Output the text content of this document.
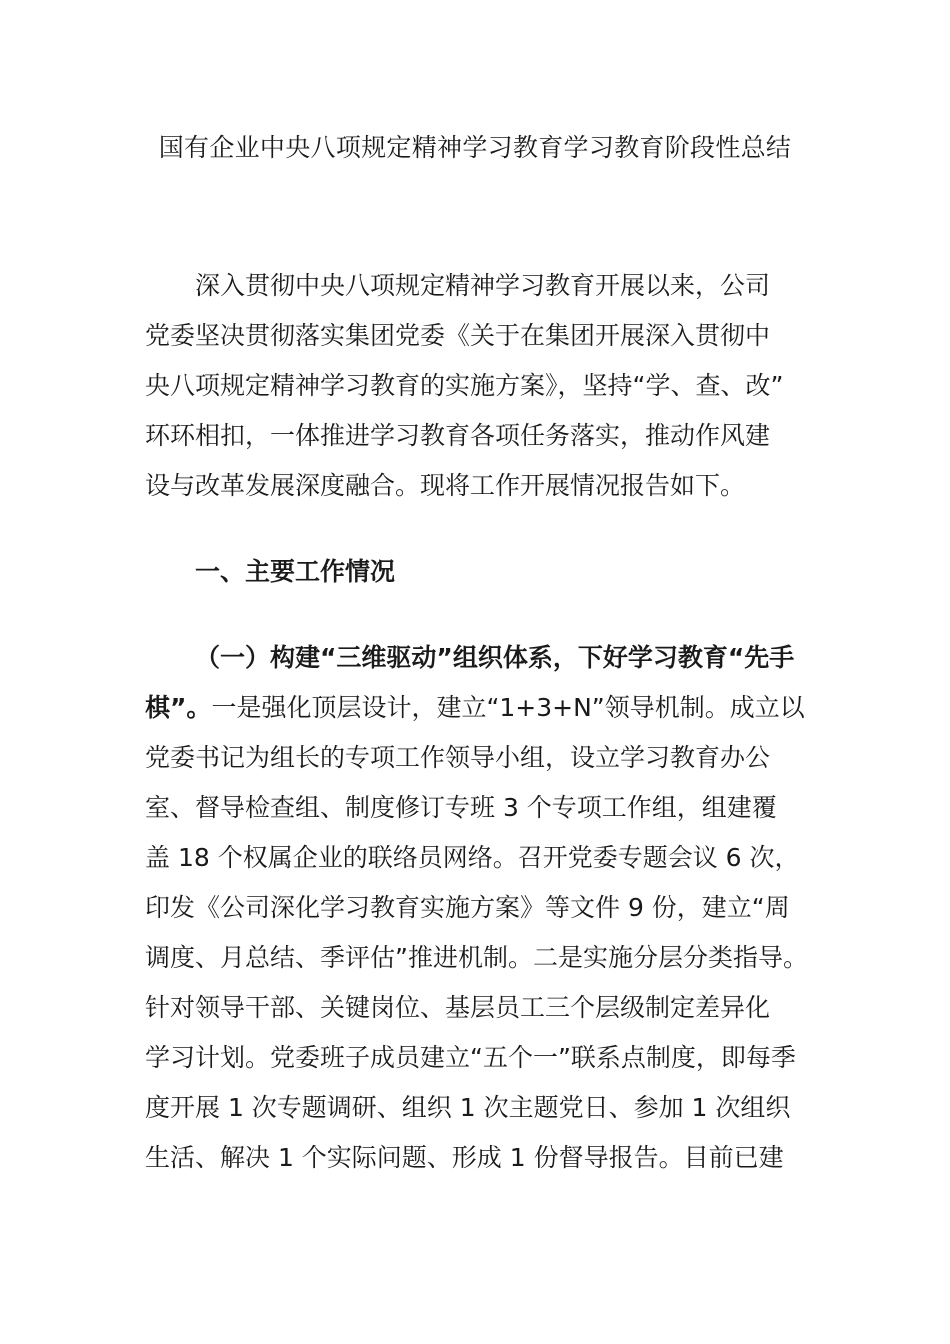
国有企业中央八项规定精神学习教育学习教育阶段性总结
深入贯彻中央八项规定精神学习教育开展以来，公司
党委坚决贯彻落实集团党委《关于在集团开展深入贯彻中
央八项规定精神学习教育的实施方案》，坚持“学、查、改”
环环相扣，一体推进学习教育各项任务落实，推动作风建
设与改革发展深度融合。现将工作开展情况报告如下。
一、主要工作情况
（一）构建“三维驱动”组织体系，下好学习教育“先手
棋”。一是强化顶层设计，建立“1+3+N”领导机制。成立以
党委书记为组长的专项工作领导小组，设立学习教育办公
室、督导检查组、制度修订专班 3 个专项工作组，组建覆
盖 18 个权属企业的联络员网络。召开党委专题会议 6 次，
印发《公司深化学习教育实施方案》等文件 9 份，建立“周
调度、月总结、季评估”推进机制。二是实施分层分类指导。
针对领导干部、关键岗位、基层员工三个层级制定差异化
学习计划。党委班子成员建立“五个一”联系点制度，即每季
度开展 1 次专题调研、组织 1 次主题党日、参加 1 次组织
生活、解决 1 个实际问题、形成 1 份督导报告。目前已建
